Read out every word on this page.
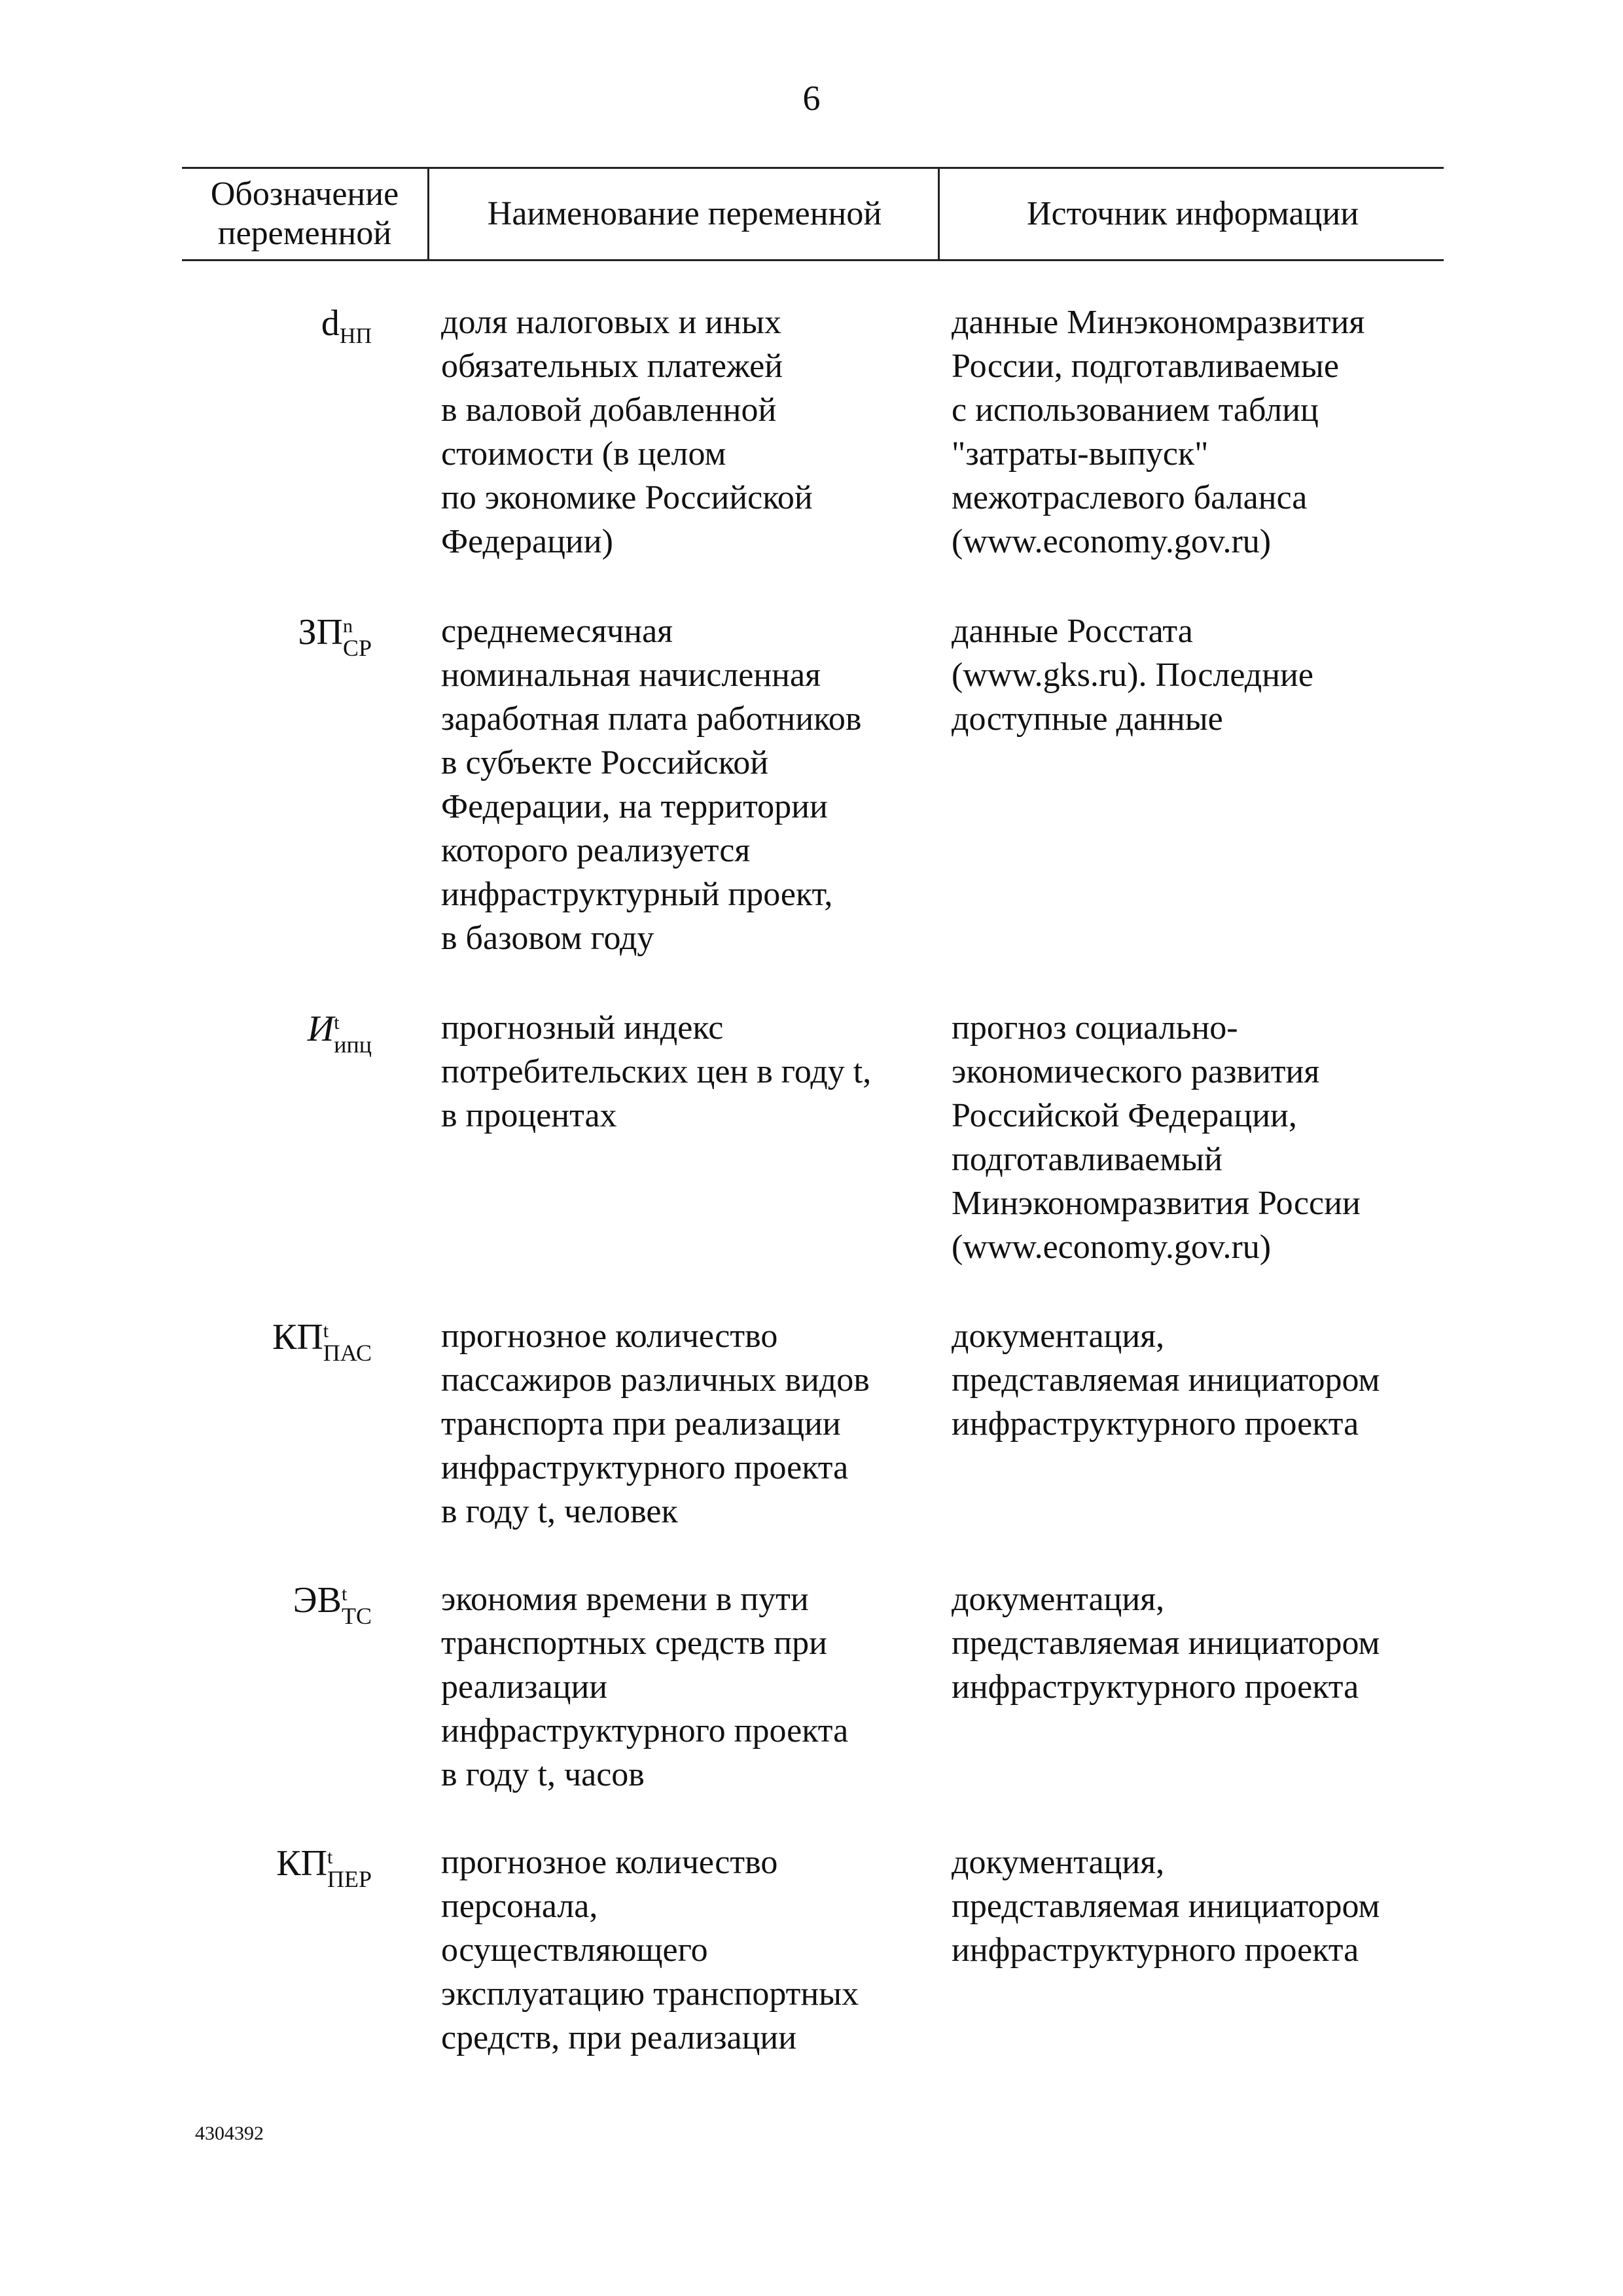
6
Обозначение
переменной
Наименование переменной	Источник информации
$d_{НП}$ доля налоговых и иных
обязательных платежей
в валовой добавленной
стоимости (в целом
по экономике Российской
Федерации)
данные Минэкономразвития
России, подготавливаемые
с использованием таблиц
"затраты-выпуск"
межотраслевого баланса
(www.economy.gov.ru)
ЗП n
СР среднемесячная
номинальная начисленная
заработная плата работников
в субъекте Российской
Федерации, на территории
которого реализуется
инфраструктурный проект,
в базовом году
данные Росстата
(www.gks.ru). Последние
доступные данные
И t
ипц прогнозный индекс
потребительских цен в году t,
в процентах
прогноз социально-
экономического развития
Российской Федерации,
подготавливаемый
Минэкономразвития России
(www.economy.gov.ru)
КП t
ПАС прогнозное количество
пассажиров различных видов
транспорта при реализации
инфраструктурного проекта
в году t, человек
документация,
представляемая инициатором
инфраструктурного проекта
ЭВ t
ТС экономия времени в пути
транспортных средств при
реализации
инфраструктурного проекта
в году t, часов
документация,
представляемая инициатором
инфраструктурного проекта
КП t
ПЕР прогнозное количество
персонала,
осуществляющего
эксплуатацию транспортных
средств, при реализации
документация,
представляемая инициатором
инфраструктурного проекта
4304392
